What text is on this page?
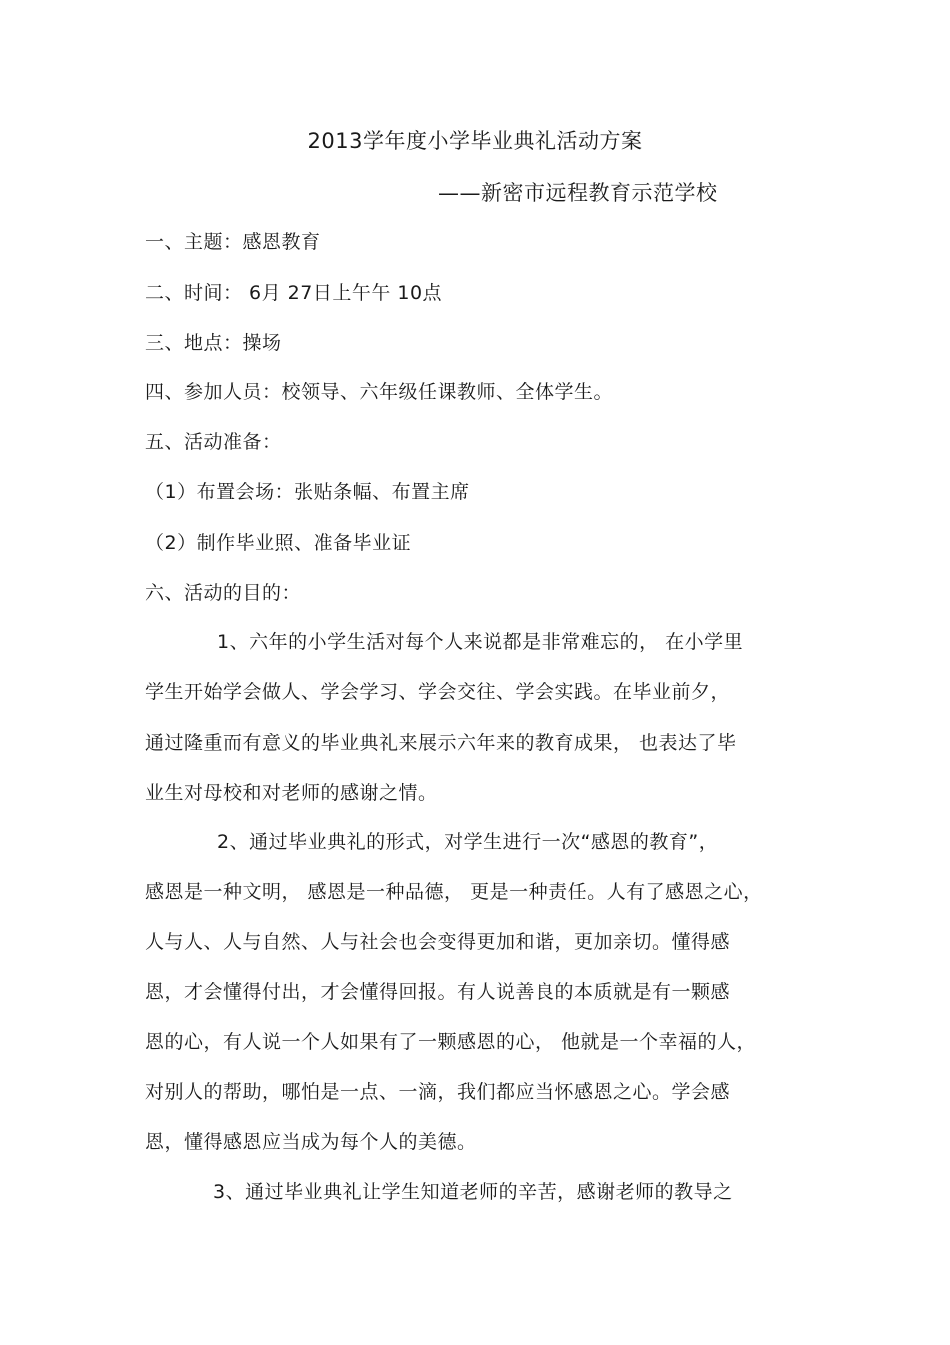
2013学年度小学毕业典礼活动方案
——新密市远程教育示范学校
一、主题：感恩教育
二、时间： 6月 27日上午午 10点
三、地点：操场
四、参加人员：校领导、六年级任课教师、全体学生。
五、活动准备：
（1）布置会场：张贴条幅、布置主席
（2）制作毕业照、准备毕业证
六、活动的目的：
1、六年的小学生活对每个人来说都是非常难忘的， 在小学里
学生开始学会做人、学会学习、学会交往、学会实践。在毕业前夕，
通过隆重而有意义的毕业典礼来展示六年来的教育成果， 也表达了毕
业生对母校和对老师的感谢之情。
2、通过毕业典礼的形式，对学生进行一次“感恩的教育”，
感恩是一种文明， 感恩是一种品德， 更是一种责任。人有了感恩之心，
人与人、人与自然、人与社会也会变得更加和谐，更加亲切。懂得感
恩，才会懂得付出，才会懂得回报。有人说善良的本质就是有一颗感
恩的心，有人说一个人如果有了一颗感恩的心， 他就是一个幸福的人，
对别人的帮助，哪怕是一点、一滴，我们都应当怀感恩之心。学会感
恩，懂得感恩应当成为每个人的美德。
3、通过毕业典礼让学生知道老师的辛苦，感谢老师的教导之
